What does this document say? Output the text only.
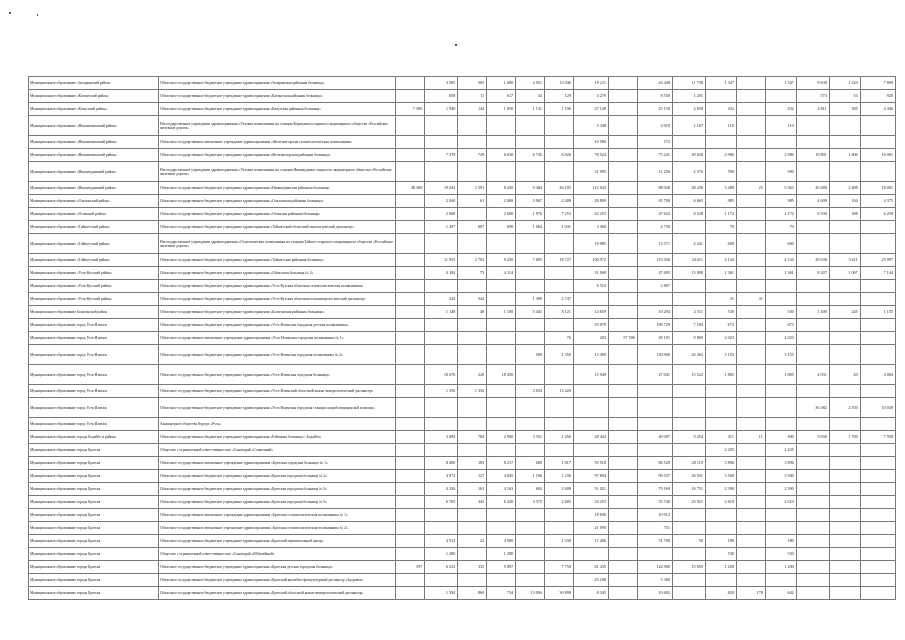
Муниципальное образование «Заларинский район»	Областное государственное бюджетное учреждение здравоохранения «Заларинская районная больница»		3 585	505	1 600	2 051	13 046	19 211		43 448	11 758	1 347		1 347	9 630	1 220	7 809
Муниципальное образование «Катангский район»	Областное государственное бюджетное учреждение здравоохранения «Катангская районная больница»		658	11	617	34	129	4 279		8 550	1 201				573	53	920
Муниципальное образование «Качугский район»	Областное государственное бюджетное учреждение здравоохранения «Качугская районная больница»	7 300	1 940	144	1 050	1 131	1 196	27 149		25 150	4 658	432		432	4 811	305	4 446
Муниципальное образование «Нижнеилимский район»	Негосударственное учреждение здравоохранения «Узловая поликлиника на станции Коршуниха открытого акционерного общества «Российские железные дороги»							5 348		4 918	1 167	110		110			
Муниципальное образование «Нижнеилимский район»	Областное государственное автономное учреждение здравоохранения «Железногорская стоматологическая поликлиника»							10 586		572							
Муниципальное образование «Нижнеилимский район»	Областное государственное бюджетное учреждение здравоохранения «Железногорская районная больница»		7 378	729	6 630	6 745	6 926	78 524		75 241	29 628	2 986		2 986	19 801	1 606	16 001
Муниципальное образование «Нижнеудинский район»	Негосударственное учреждение здравоохранения «Узловая поликлиника на станции Нижнеудинск открытого акционерного общества «Российские железные дороги»							31 995		11 256	2 576	590		590			
Муниципальное образование «Нижнеудинский район»	Областное государственное бюджетное учреждение здравоохранения «Нижнеудинская районная больница»	38 300	19 042	1 591	8 430	9 484	26 105	112 043		88 928	28 258	5 489	25	5 563	20 480	2 408	18 001
Муниципальное образование «Ольхонский район»	Областное государственное бюджетное учреждение здравоохранения «Ольхонская районная больница»		2 040	61	2 000	3 067	2 408	28 809		45 700	6 665	985		985	4 609	164	4 375
Муниципальное образование «Осинский район»	Областное государственное бюджетное учреждение здравоохранения «Осинская районная больница»		2 608		2 600	1 976	7 253	42 253		47 623	8 528	1 172		1 172	6 530	308	6 259
Муниципальное образование «Тайшетский район»	Областное государственное бюджетное учреждение здравоохранения «Тайшетский областной онкологический диспансер»		1 297	607	690	1 064	1 041	3 360		4 730		70		70			
Муниципальное образование «Тайшетский район»	Негосударственное учреждение здравоохранения «Отделенческая поликлиника на станции Тайшет открытого акционерного общества «Российские железные дороги»							19 985		13 571	4 241	600		600			
Муниципальное образование «Тайшетский район»	Областное государственное бюджетное учреждение здравоохранения «Тайшетская районная больница»		11 955	2 703	9 250	7 805	18 727	100 972		119 436	34 611	4 134		4 134	29 638	3 611	25 997
Муниципальное образование «Усть-Кутский район»	Областное государственное бюджетное учреждение здравоохранения «Областная больница № 2»		4 184	75	4 114			31 068		47 695	13 098	1 361		1 361	8 207	1 067	7 144
Муниципальное образование «Усть-Кутский район»	Областное государственное бюджетное учреждение здравоохранения «Усть-Кутская областная стоматологическая поликлиника»							6 510		2 807							
Муниципальное образование «Усть-Кутский район»	Областное государственное бюджетное учреждение здравоохранения «Усть-Кутская областная психоневрологический диспансер»		542	542		1 499	2 747					31	31				
Муниципальное образование Балаганский район	Областное государственное бюджетное учреждение здравоохранения «Балаганская районная больница»		1 148	48	1 100	5 441	8 121	14 659		10 294	2 511	530		530	1 400	245	1 155
Муниципальное образование город Усть-Илимск	Областное государственное бюджетное учреждение здравоохранения «Усть-Илимская городская детская поликлиника»							55 079		109 729	7 184	673		673			
Муниципальное образование город Усть-Илимск	Областное государственное автономное учреждение здравоохранения «Усть-Илимская городская поликлиника № 1»						76	203	57 506	29 191	9 869	2 023		2 023			
Муниципальное образование город Усть-Илимск	Областное государственное бюджетное учреждение здравоохранения «Усть-Илимская городская поликлиника № 2»					509	1 350	13 499		130 900	24 363	3 155		3 155			
Муниципальное образование город Усть-Илимск	Областное государственное бюджетное учреждение здравоохранения «Усть-Илимская городская больница»		18 670	220	18 450			15 949		27 041	15 522	1 805		1 805	4 031	20	4 004
Муниципальное образование город Усть-Илимск	Областное государственное бюджетное учреждение здравоохранения «Усть-Илимский областной кожно-венерологический диспансер»		1 356	1 356		3 654	13 420										
Муниципальное образование город Усть-Илимск	Областное государственное бюджетное учреждение здравоохранения «Усть-Илимская городская станция скорой медицинской помощи»														36 382	2 550	33 030
Муниципальное образование город Усть-Илимск	Акционерное общество Курорт «Русь»																
Муниципальное образование города Бодайбо и района	Областное государственное бюджетное учреждение здравоохранения «Районная больница г. Бодайбо»		3 684	784	2 900	3 351	1 456	28 424		40 007	9 254	411	11	400	9 658	1 700	7 958
Муниципальное образование города Братска	Общество с ограниченной ответственностью «Санаторий «Солнечный»											2 435		2 435			
Муниципальное образование города Братска	Областное государственное автономное учреждение здравоохранения «Братская городская больница № 1»		8 400	183	8 217	680	1 017	59 518		86 528	20 119	3 896		3 896			
Муниципальное образование города Братска	Областное государственное бюджетное учреждение здравоохранения «Братская городская больница № 2»		4 972	127	4 845	1 186	1 236	97 694		99 537	26 931	3 500		3 500			
Муниципальное образование города Братска	Областное государственное бюджетное учреждение здравоохранения «Братская городская больница № 3»		4 326	163	4 163	604	2 608	51 021		79 169	16 751	2 390		2 390			
Муниципальное образование города Братска	Областное государственное бюджетное учреждение здравоохранения «Братская городская больница № 5»		6 765	345	6 420	3 375	2 605	54 253		55 740	23 921	2 610		2 610			
Муниципальное образование города Братска	Областное государственное автономное учреждение здравоохранения «Братская стоматологическая поликлиника № 1»							18 836		10 912							
Муниципальное образование города Братска	Областное государственное автономное учреждение здравоохранения «Братская стоматологическая поликлиника № 2»							21 090		751							
Муниципальное образование города Братска	Областное государственное бюджетное учреждение здравоохранения «Братский перинатальный центр»		4 912	22	4 900		1 338	11 266		51 708	50	180		180			
Муниципальное образование города Братска	Общество с ограниченной ответственностью «Санаторий «Юбилейный»		1 280		1 280							530		530			
Муниципальное образование города Братска	Областное государственное бюджетное учреждение здравоохранения «Братская детская городская больница»	597	6 232	335	5 897		7 750	61 435		124 900	15 659	1 200		1 200			
Муниципальное образование города Братска	Областное государственное бюджетное учреждение здравоохранения «Братский врачебно-физкультурный диспансер «Здоровье»							25 188		5 360							
Муниципальное образование города Братска	Областное государственное бюджетное учреждение здравоохранения «Братский областной кожно-венерологический диспансер»		1 594	860	734	13 094	30 890	8 345		10 682		820	178	642			
